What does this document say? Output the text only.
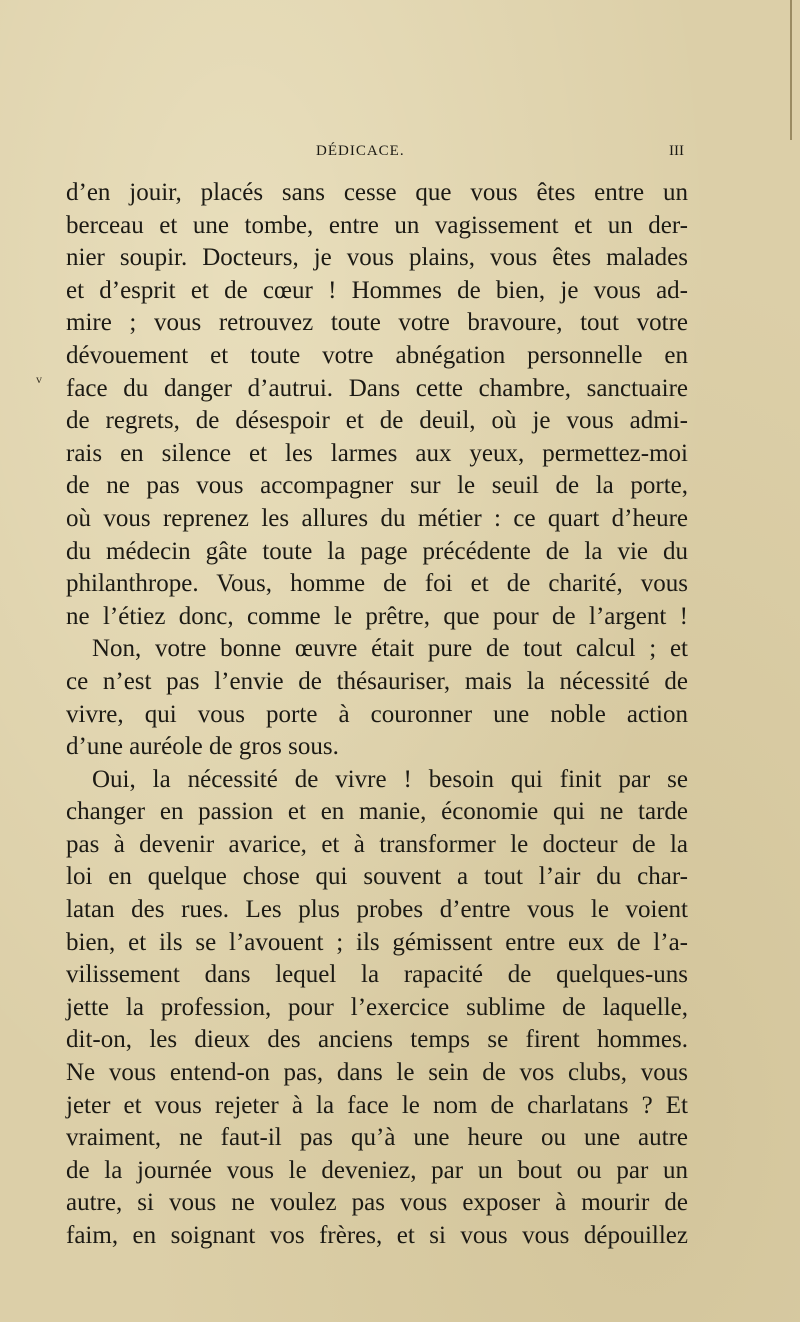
DÉDICACE.	III
v
d’en jouir, placés sans cesse que vous êtes entre un
berceau et une tombe, entre un vagissement et un der-
nier soupir. Docteurs, je vous plains, vous êtes malades
et d’esprit et de cœur ! Hommes de bien, je vous ad-
mire ; vous retrouvez toute votre bravoure, tout votre
dévouement et toute votre abnégation personnelle en
face du danger d’autrui. Dans cette chambre, sanctuaire
de regrets, de désespoir et de deuil, où je vous admi-
rais en silence et les larmes aux yeux, permettez-moi
de ne pas vous accompagner sur le seuil de la porte,
où vous reprenez les allures du métier : ce quart d’heure
du médecin gâte toute la page précédente de la vie du
philanthrope. Vous, homme de foi et de charité, vous
ne l’étiez donc, comme le prêtre, que pour de l’argent !
Non, votre bonne œuvre était pure de tout calcul ; et
ce n’est pas l’envie de thésauriser, mais la nécessité de
vivre, qui vous porte à couronner une noble action
d’une auréole de gros sous.
Oui, la nécessité de vivre ! besoin qui finit par se
changer en passion et en manie, économie qui ne tarde
pas à devenir avarice, et à transformer le docteur de la
loi en quelque chose qui souvent a tout l’air du char-
latan des rues. Les plus probes d’entre vous le voient
bien, et ils se l’avouent ; ils gémissent entre eux de l’a-
vilissement dans lequel la rapacité de quelques-uns
jette la profession, pour l’exercice sublime de laquelle,
dit-on, les dieux des anciens temps se firent hommes.
Ne vous entend-on pas, dans le sein de vos clubs, vous
jeter et vous rejeter à la face le nom de charlatans ? Et
vraiment, ne faut-il pas qu’à une heure ou une autre
de la journée vous le deveniez, par un bout ou par un
autre, si vous ne voulez pas vous exposer à mourir de
faim, en soignant vos frères, et si vous vous dépouillez
